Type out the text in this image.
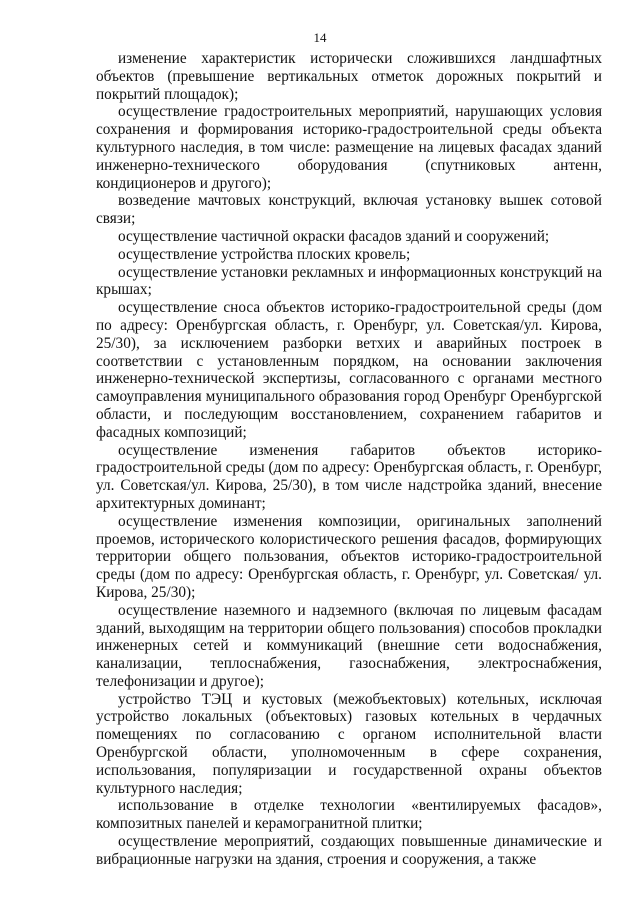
14

изменение характеристик исторически сложившихся ландшафтных объектов (превышение вертикальных отметок дорожных покрытий и покрытий площадок);

осуществление градостроительных мероприятий, нарушающих условия сохранения и формирования историко-градостроительной среды объекта культурного наследия, в том числе: размещение на лицевых фасадах зданий инженерно-технического оборудования (спутниковых антенн, кондиционеров и другого);

возведение мачтовых конструкций, включая установку вышек сотовой связи;

осуществление частичной окраски фасадов зданий и сооружений;

осуществление устройства плоских кровель;

осуществление установки рекламных и информационных конструкций на крышах;

осуществление сноса объектов историко-градостроительной среды (дом по адресу: Оренбургская область, г. Оренбург, ул. Советская/ул. Кирова, 25/30), за исключением разборки ветхих и аварийных построек в соответствии с установленным порядком, на основании заключения инженерно-технической экспертизы, согласованного с органами местного самоуправления муниципального образования город Оренбург Оренбургской области, и последующим восстановлением, сохранением габаритов и фасадных композиций;

осуществление изменения габаритов объектов историко-градостроительной среды (дом по адресу: Оренбургская область, г. Оренбург, ул. Советская/ул. Кирова, 25/30), в том числе надстройка зданий, внесение архитектурных доминант;

осуществление изменения композиции, оригинальных заполнений проемов, исторического колористического решения фасадов, формирующих территории общего пользования, объектов историко-градостроительной среды (дом по адресу: Оренбургская область, г. Оренбург, ул. Советская/ ул. Кирова, 25/30);

осуществление наземного и надземного (включая по лицевым фасадам зданий, выходящим на территории общего пользования) способов прокладки инженерных сетей и коммуникаций (внешние сети водоснабжения, канализации, теплоснабжения, газоснабжения, электроснабжения, телефонизации и другое);

устройство ТЭЦ и кустовых (межобъектовых) котельных, исключая устройство локальных (объектовых) газовых котельных в чердачных помещениях по согласованию с органом исполнительной власти Оренбургской области, уполномоченным в сфере сохранения, использования, популяризации и государственной охраны объектов культурного наследия;

использование в отделке технологии «вентилируемых фасадов», композитных панелей и керамогранитной плитки;

осуществление мероприятий, создающих повышенные динамические и вибрационные нагрузки на здания, строения и сооружения, а также
